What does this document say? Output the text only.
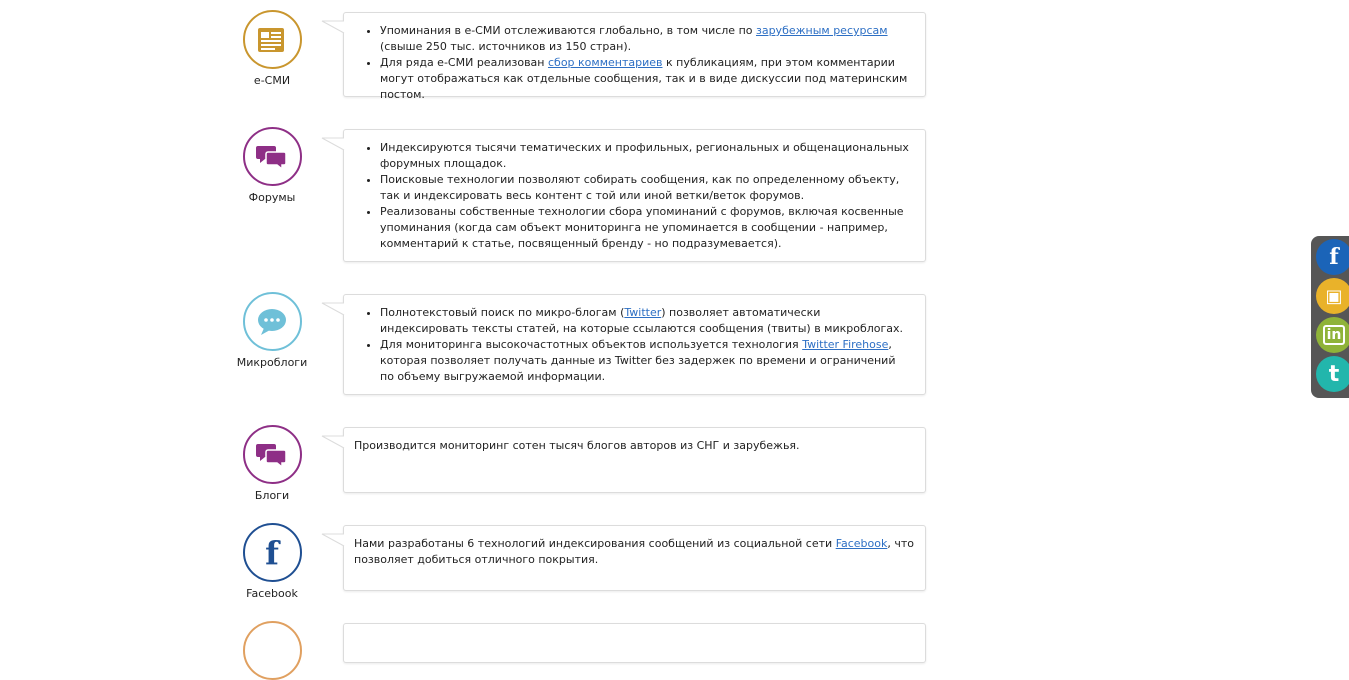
е-СМИ
• Упоминания в е-СМИ отслеживаются глобально, в том числе по зарубежным ресурсам (свыше 250 тыс. источников из 150 стран).
• Для ряда е-СМИ реализован сбор комментариев к публикациям, при этом комментарии могут отображаться как отдельные сообщения, так и в виде дискуссии под материнским постом.
Форумы
• Индексируются тысячи тематических и профильных, региональных и общенациональных форумных площадок.
• Поисковые технологии позволяют собирать сообщения, как по определенному объекту, так и индексировать весь контент с той или иной ветки/веток форумов.
• Реализованы собственные технологии сбора упоминаний с форумов, включая косвенные упоминания (когда сам объект мониторинга не упоминается в сообщении - например, комментарий к статье, посвященный бренду - но подразумевается).
Микроблоги
• Полнотекстовый поиск по микро-блогам (Twitter) позволяет автоматически индексировать тексты статей, на которые ссылаются сообщения (твиты) в микроблогах.
• Для мониторинга высокочастотных объектов используется технология Twitter Firehose, которая позволяет получать данные из Twitter без задержек по времени и ограничений по объему выгружаемой информации.
Блоги

Производится мониторинг сотен тысяч блогов авторов из СНГ и зарубежья.

f
Facebook

Нами разработаны 6 технологий индексирования сообщений из социальной сети Facebook, что позволяет добиться отличного покрытия.

f
▣
in
t
